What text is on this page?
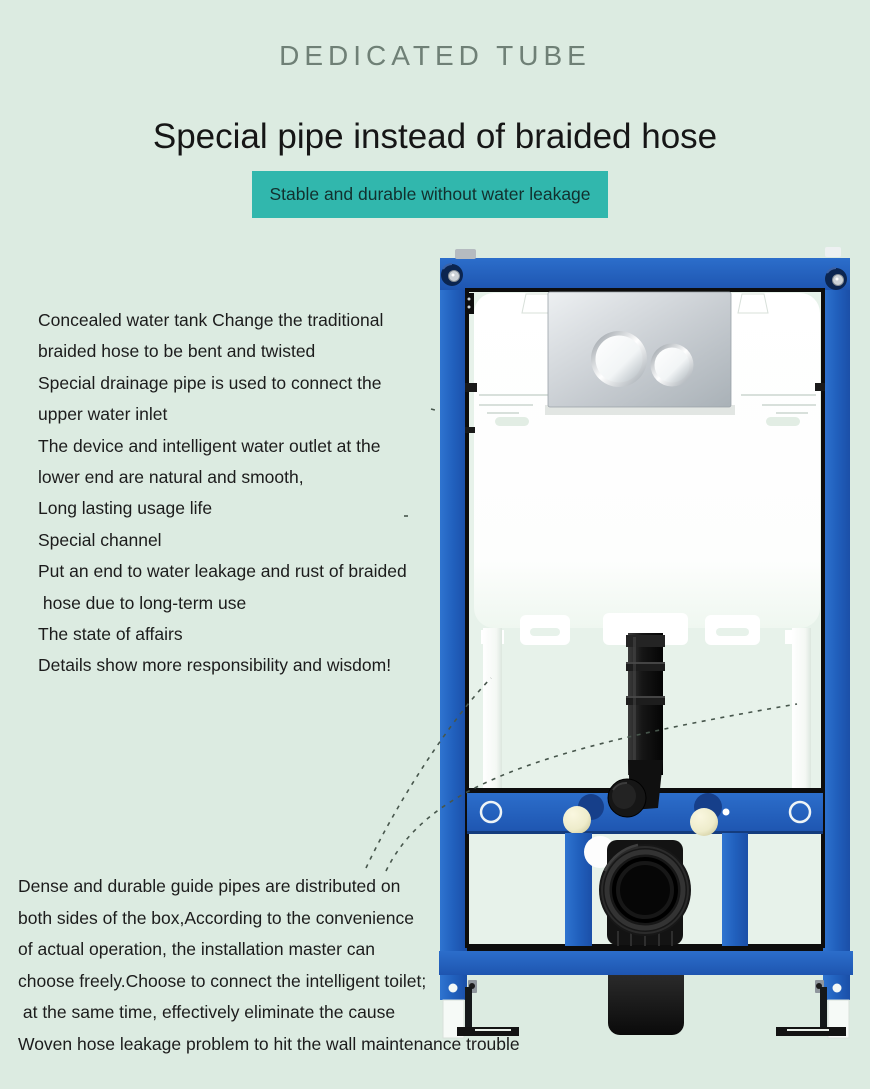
DEDICATED TUBE
Special pipe instead of braided hose
Stable and durable without water leakage
Concealed water tank Change the traditional
braided hose to be bent and twisted
Special drainage pipe is used to connect the
upper water inlet
The device and intelligent water outlet at the
lower end are natural and smooth,
Long lasting usage life
Special channel
Put an end to water leakage and rust of braided
hose due to long-term use
The state of affairs
Details show more responsibility and wisdom!
Dense and durable guide pipes are distributed on
both sides of the box,According to the convenience
of actual operation, the installation master can
choose freely.Choose to connect the intelligent toilet;
at the same time, effectively eliminate the cause
Woven hose leakage problem to hit the wall maintenance trouble
